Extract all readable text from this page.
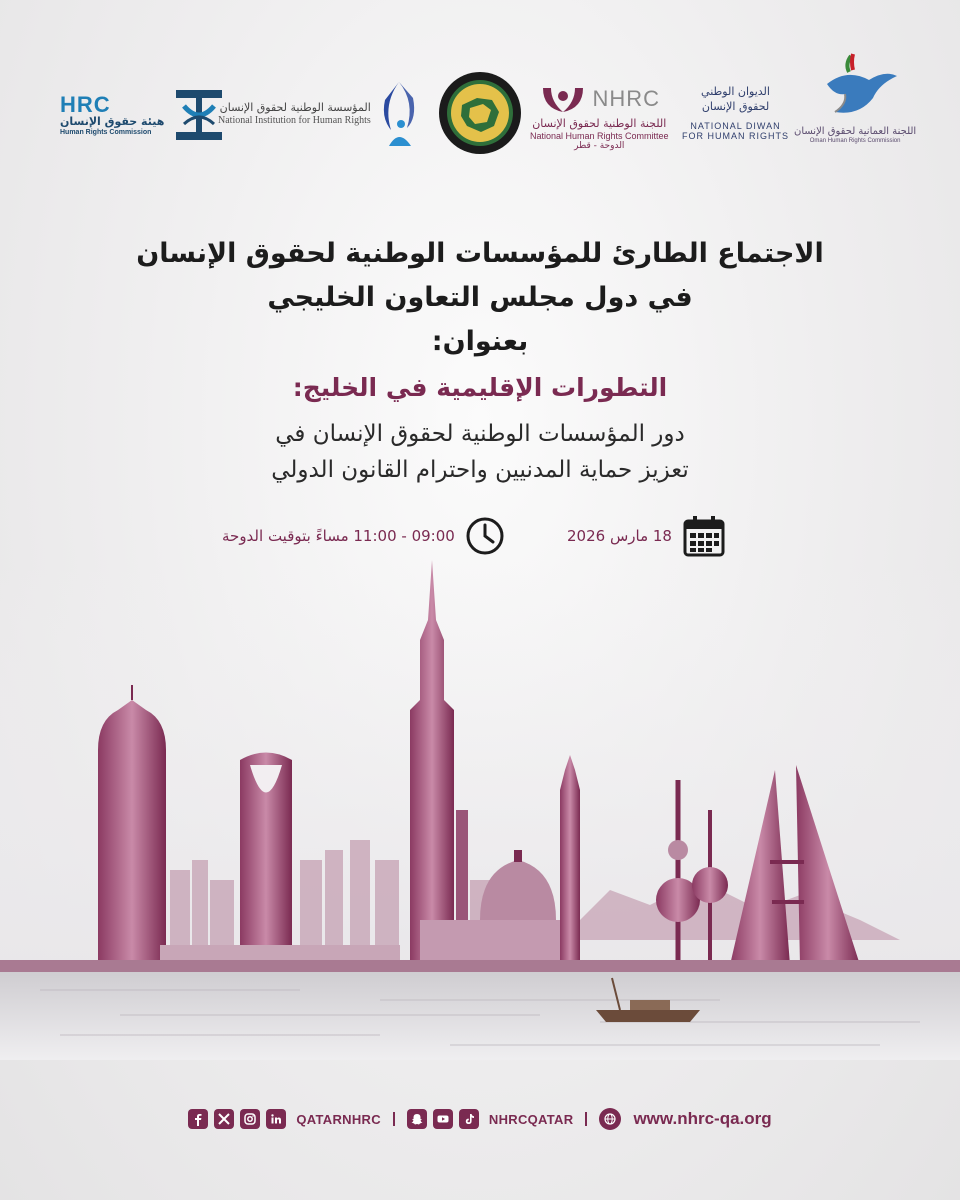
HRC
هيئة حقوق الإنسان
Human Rights Commission
المؤسسة الوطنية لحقوق الإنسان
National Institution for Human Rights
NHRC
اللجنة الوطنية لحقوق الإنسان
National Human Rights Committee
الدوحة - قطر
الديوان الوطني لحقوق الإنسان
NATIONAL DIWAN
FOR HUMAN RIGHTS اللجنة العمانية لحقوق الإنسان
Oman Human Rights Commission
الاجتماع الطارئ للمؤسسات الوطنية لحقوق الإنسان
في دول مجلس التعاون الخليجي
بعنوان:
التطورات الإقليمية في الخليج:
دور المؤسسات الوطنية لحقوق الإنسان في
تعزيز حماية المدنيين واحترام القانون الدولي
09:00 - 11:00 مساءً بتوقيت الدوحة	18 مارس 2026
QATARNHRC	NHRCQATAR	www.nhrc-qa.org
